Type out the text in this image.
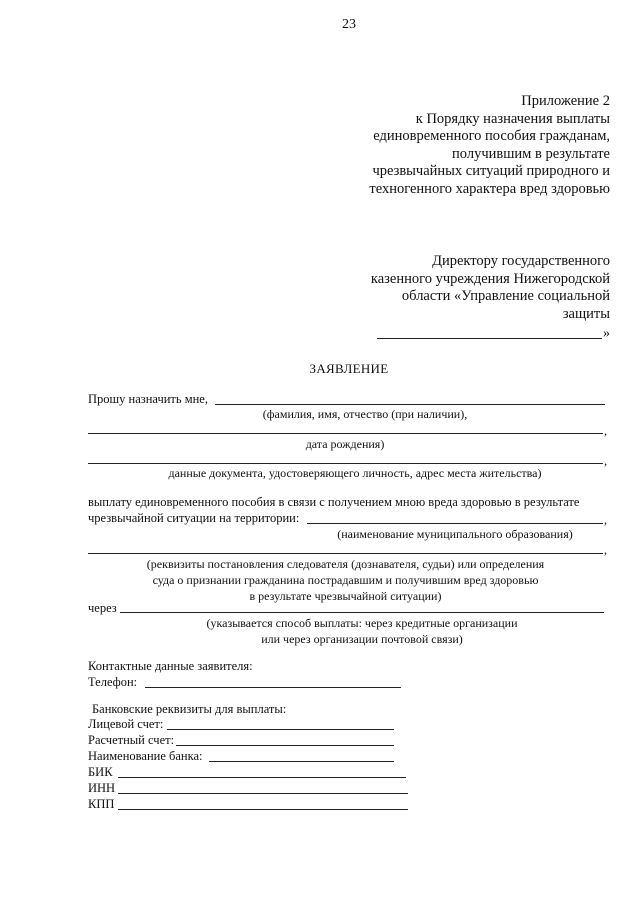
23
Приложение 2
к Порядку назначения выплаты
единовременного пособия гражданам,
получившим в результате
чрезвычайных ситуаций природного и
техногенного характера вред здоровью
Директору государственного
казенного учреждения Нижегородской
области «Управление социальной
защиты
»
ЗАЯВЛЕНИЕ
Прошу назначить мне,
(фамилия, имя, отчество (при наличии),
,
дата рождения)
,
данные документа, удостоверяющего личность, адрес места жительства)
выплату единовременного пособия в связи с получением мною вреда здоровью в результате
чрезвычайной ситуации на территории:	,
(наименование муниципального образования)
,
(реквизиты постановления следователя (дознавателя, судьи) или определения
суда о признании гражданина пострадавшим и получившим вред здоровью
в результате чрезвычайной ситуации)
через
(указывается способ выплаты: через кредитные организации
или через организации почтовой связи)
Контактные данные заявителя:
Телефон:
Банковские реквизиты для выплаты:
Лицевой счет:
Расчетный счет:
Наименование банка:
БИК
ИНН
КПП
